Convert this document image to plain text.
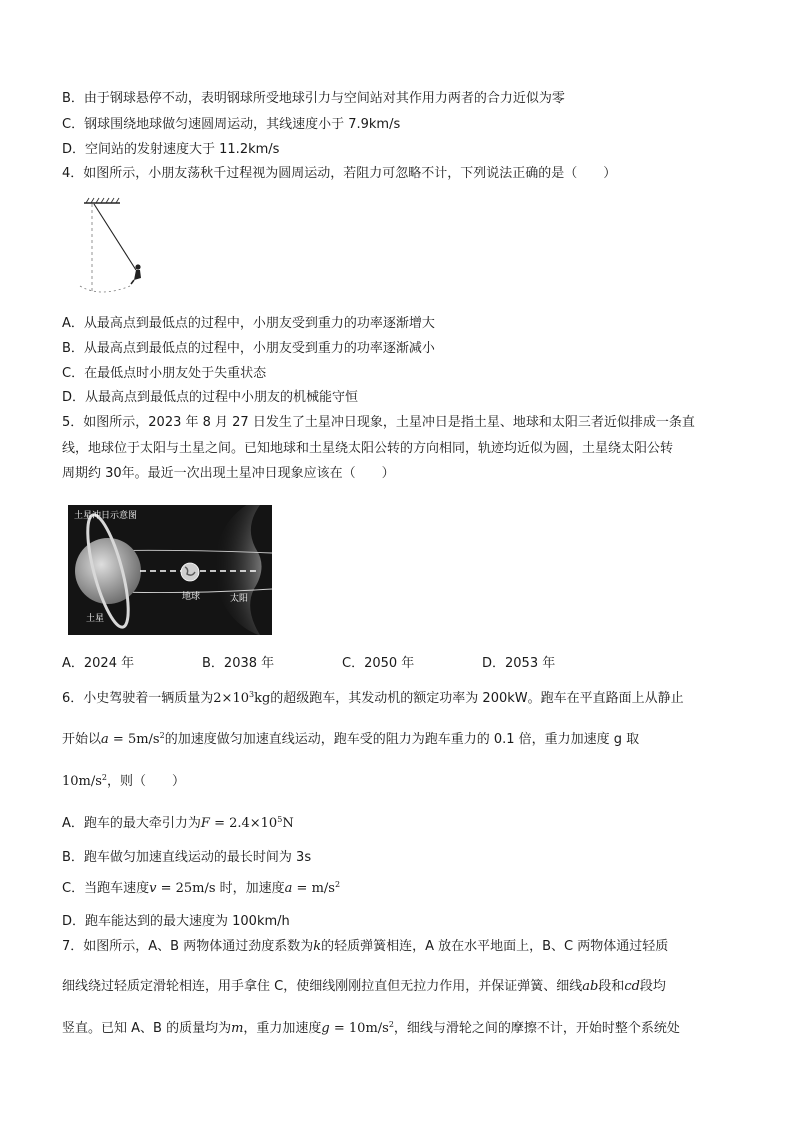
B．由于钢球悬停不动，表明钢球所受地球引力与空间站对其作用力两者的合力近似为零
C．钢球围绕地球做匀速圆周运动，其线速度小于 7.9km/s
D．空间站的发射速度大于 11.2km/s
4．如图所示，小朋友荡秋千过程视为圆周运动，若阻力可忽略不计，下列说法正确的是（　　）
A．从最高点到最低点的过程中，小朋友受到重力的功率逐渐增大
B．从最高点到最低点的过程中，小朋友受到重力的功率逐渐减小
C．在最低点时小朋友处于失重状态
D．从最高点到最低点的过程中小朋友的机械能守恒
5．如图所示，2023 年 8 月 27 日发生了土星冲日现象，土星冲日是指土星、地球和太阳三者近似排成一条直
线，地球位于太阳与土星之间。已知地球和土星绕太阳公转的方向相同，轨迹均近似为圆，土星绕太阳公转
周期约 30年。最近一次出现土星冲日现象应该在（　　）
土星冲日示意图
土星
地球	太阳
A．2024 年	B．2038 年	C．2050 年	D．2053 年
6．小史驾驶着一辆质量为$2\times 10^3kg$的超级跑车，其发动机的额定功率为 200kW。跑车在平直路面上从静止
开始以$a = 5m/s^2$的加速度做匀加速直线运动，跑车受的阻力为跑车重力的 0.1 倍，重力加速度 g 取
$10m/s^2$，则（　　）
A．跑车的最大牵引力为$F = 2.4\times 10^5N$
B．跑车做匀加速直线运动的最长时间为 3s
C．当跑车速度v = 25m/s 时，加速度$a = m/s^2$
D．跑车能达到的最大速度为 100km/h
7．如图所示，A、B 两物体通过劲度系数为k的轻质弹簧相连，A 放在水平地面上，B、C 两物体通过轻质
细线绕过轻质定滑轮相连，用手拿住 C，使细线刚刚拉直但无拉力作用，并保证弹簧、细线ab段和cd段均
竖直。已知 A、B 的质量均为m，重力加速度$g = 10m/s^2$，细线与滑轮之间的摩擦不计，开始时整个系统处
